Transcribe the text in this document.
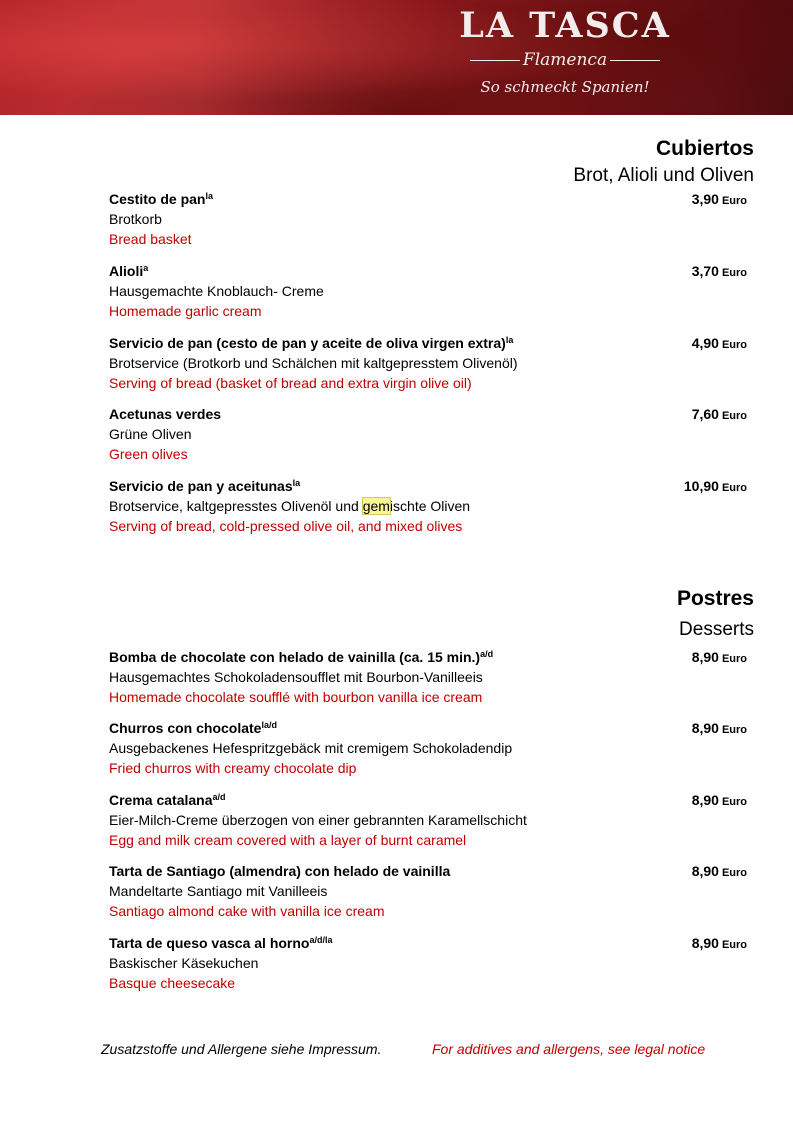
LA TASCA
Flamenca
So schmeckt Spanien!
Cubiertos
Brot, Alioli und Oliven
Cestito de pan$^{la}$
Brotkorb
Bread basket
3,90 Euro
Alioli$^a$
Hausgemachte Knoblauch- Creme
Homemade garlic cream
3,70 Euro
Servicio de pan (cesto de pan y aceite de oliva virgen extra)$^{la}$
Brotservice (Brotkorb und Schälchen mit kaltgepresstem Olivenöl)
Serving of bread (basket of bread and extra virgin olive oil)
4,90 Euro
Acetunas verdes
Grüne Oliven
Green olives
7,60 Euro
Servicio de pan y aceitunas$^{la}$
Brotservice, kaltgepresstes Olivenöl und gemischte Oliven
Serving of bread, cold-pressed olive oil, and mixed olives
10,90 Euro
Postres
Desserts
Bomba de chocolate con helado de vainilla (ca. 15 min.)$^{a/d}$
Hausgemachtes Schokoladensoufflet mit Bourbon-Vanilleeis
Homemade chocolate soufflé with bourbon vanilla ice cream
8,90 Euro
Churros con chocolate$^{la/d}$
Ausgebackenes Hefespritzgebäck mit cremigem Schokoladendip
Fried churros with creamy chocolate dip
8,90 Euro
Crema catalana$^{a/d}$
Eier-Milch-Creme überzogen von einer gebrannten Karamellschicht
Egg and milk cream covered with a layer of burnt caramel
8,90 Euro
Tarta de Santiago (almendra) con helado de vainilla
Mandeltarte Santiago mit Vanilleeis
Santiago almond cake with vanilla ice cream
8,90 Euro
Tarta de queso vasca al horno$^{a/d/la}$
Baskischer Käsekuchen
Basque cheesecake
8,90 Euro
Zusatzstoffe und Allergene siehe Impressum.	For additives and allergens, see legal notice
